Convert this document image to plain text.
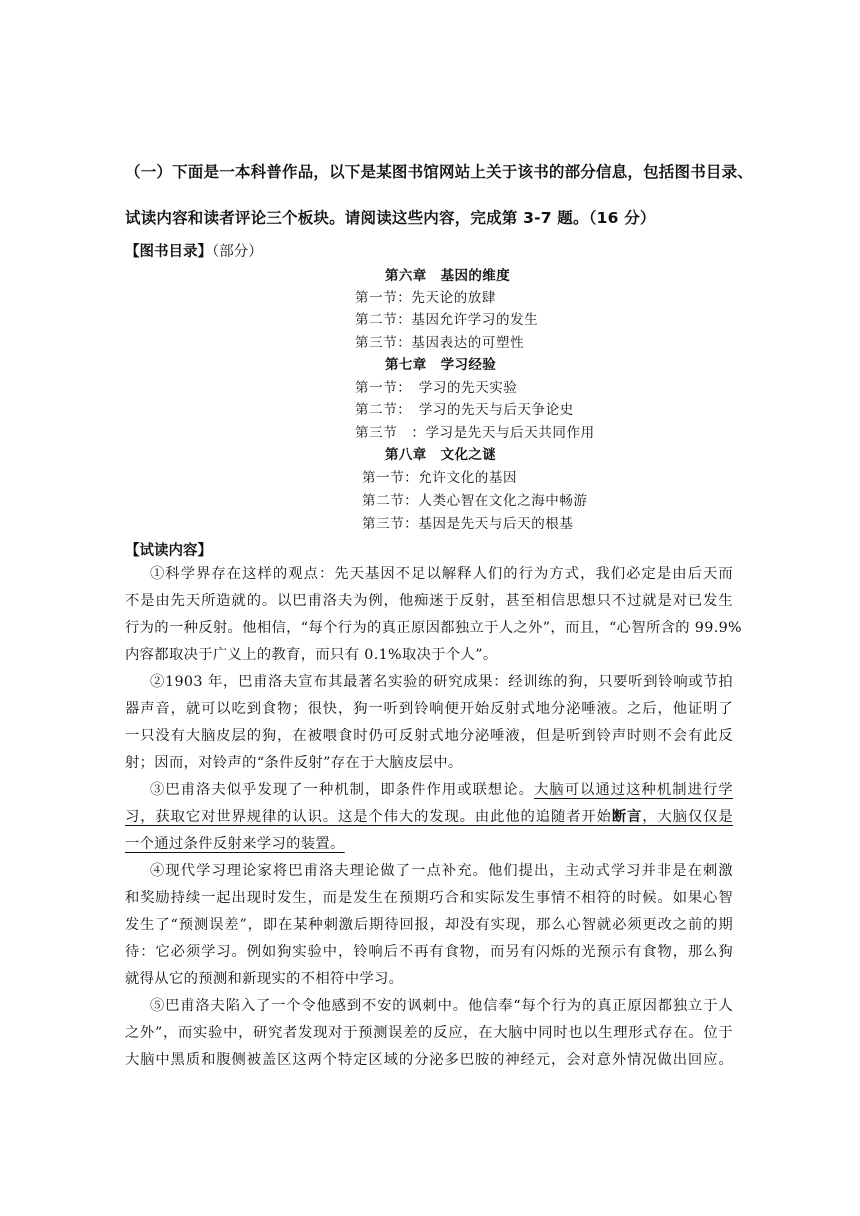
（一）下面是一本科普作品，以下是某图书馆网站上关于该书的部分信息，包括图书目录、
试读内容和读者评论三个板块。请阅读这些内容，完成第 3-7 题。（16 分）
【图书目录】（部分）
第六章　基因的维度
第一节：先天论的放肆
第二节：基因允许学习的发生
第三节：基因表达的可塑性
第七章　学习经验
第一节：　学习的先天实验
第二节：　学习的先天与后天争论史
第三节　：学习是先天与后天共同作用
第八章　文化之谜
第一节：允许文化的基因
第二节：人类心智在文化之海中畅游
第三节：基因是先天与后天的根基
【试读内容】
①科学界存在这样的观点：先天基因不足以解释人们的行为方式，我们必定是由后天而
不是由先天所造就的。以巴甫洛夫为例，他痴迷于反射，甚至相信思想只不过就是对已发生
行为的一种反射。他相信，“每个行为的真正原因都独立于人之外”，而且，“心智所含的 99.9%
内容都取决于广义上的教育，而只有 0.1%取决于个人”。
②1903 年，巴甫洛夫宣布其最著名实验的研究成果：经训练的狗，只要听到铃响或节拍
器声音，就可以吃到食物；很快，狗一听到铃响便开始反射式地分泌唾液。之后，他证明了
一只没有大脑皮层的狗，在被喂食时仍可反射式地分泌唾液，但是听到铃声时则不会有此反
射；因而，对铃声的“条件反射”存在于大脑皮层中。
③巴甫洛夫似乎发现了一种机制，即条件作用或联想论。大脑可以通过这种机制进行学
习，获取它对世界规律的认识。这是个伟大的发现。由此他的追随者开始断言，大脑仅仅是
一个通过条件反射来学习的装置。
④现代学习理论家将巴甫洛夫理论做了一点补充。他们提出，主动式学习并非是在刺激
和奖励持续一起出现时发生，而是发生在预期巧合和实际发生事情不相符的时候。如果心智
发生了“预测误差”，即在某种刺激后期待回报，却没有实现，那么心智就必须更改之前的期
待：它必须学习。例如狗实验中，铃响后不再有食物，而另有闪烁的光预示有食物，那么狗
就得从它的预测和新现实的不相符中学习。
⑤巴甫洛夫陷入了一个令他感到不安的讽刺中。他信奉“每个行为的真正原因都独立于人
之外”，而实验中，研究者发现对于预测误差的反应，在大脑中同时也以生理形式存在。位于
大脑中黑质和腹侧被盖区这两个特定区域的分泌多巴胺的神经元，会对意外情况做出回应。
